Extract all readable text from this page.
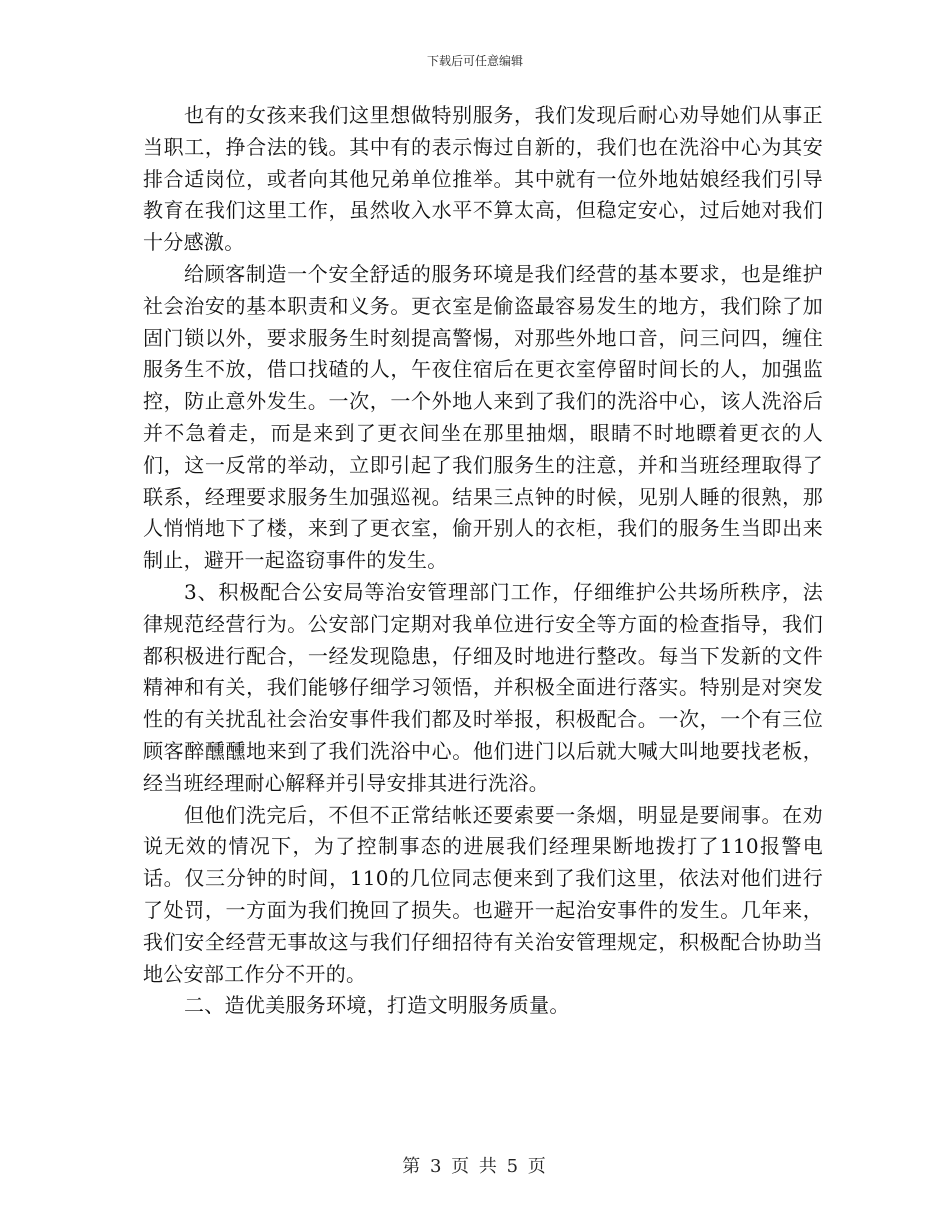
下载后可任意编辑

也有的女孩来我们这里想做特别服务，我们发现后耐心劝导她们从事正当职工，挣合法的钱。其中有的表示悔过自新的，我们也在洗浴中心为其安排合适岗位，或者向其他兄弟单位推举。其中就有一位外地姑娘经我们引导教育在我们这里工作，虽然收入水平不算太高，但稳定安心，过后她对我们十分感激。

给顾客制造一个安全舒适的服务环境是我们经营的基本要求，也是维护社会治安的基本职责和义务。更衣室是偷盗最容易发生的地方，我们除了加固门锁以外，要求服务生时刻提高警惕，对那些外地口音，问三问四，缠住服务生不放，借口找碴的人，午夜住宿后在更衣室停留时间长的人，加强监控，防止意外发生。一次，一个外地人来到了我们的洗浴中心，该人洗浴后并不急着走，而是来到了更衣间坐在那里抽烟，眼睛不时地瞟着更衣的人们，这一反常的举动，立即引起了我们服务生的注意，并和当班经理取得了联系，经理要求服务生加强巡视。结果三点钟的时候，见别人睡的很熟，那人悄悄地下了楼，来到了更衣室，偷开别人的衣柜，我们的服务生当即出来制止，避开一起盗窃事件的发生。

3、积极配合公安局等治安管理部门工作，仔细维护公共场所秩序，法律规范经营行为。公安部门定期对我单位进行安全等方面的检查指导，我们都积极进行配合，一经发现隐患，仔细及时地进行整改。每当下发新的文件精神和有关，我们能够仔细学习领悟，并积极全面进行落实。特别是对突发性的有关扰乱社会治安事件我们都及时举报，积极配合。一次，一个有三位顾客醉醺醺地来到了我们洗浴中心。他们进门以后就大喊大叫地要找老板，经当班经理耐心解释并引导安排其进行洗浴。

但他们洗完后，不但不正常结帐还要索要一条烟，明显是要闹事。在劝说无效的情况下，为了控制事态的进展我们经理果断地拨打了110报警电话。仅三分钟的时间，110的几位同志便来到了我们这里，依法对他们进行了处罚，一方面为我们挽回了损失。也避开一起治安事件的发生。几年来，我们安全经营无事故这与我们仔细招待有关治安管理规定，积极配合协助当地公安部工作分不开的。

二、造优美服务环境，打造文明服务质量。

第 3 页 共 5 页
